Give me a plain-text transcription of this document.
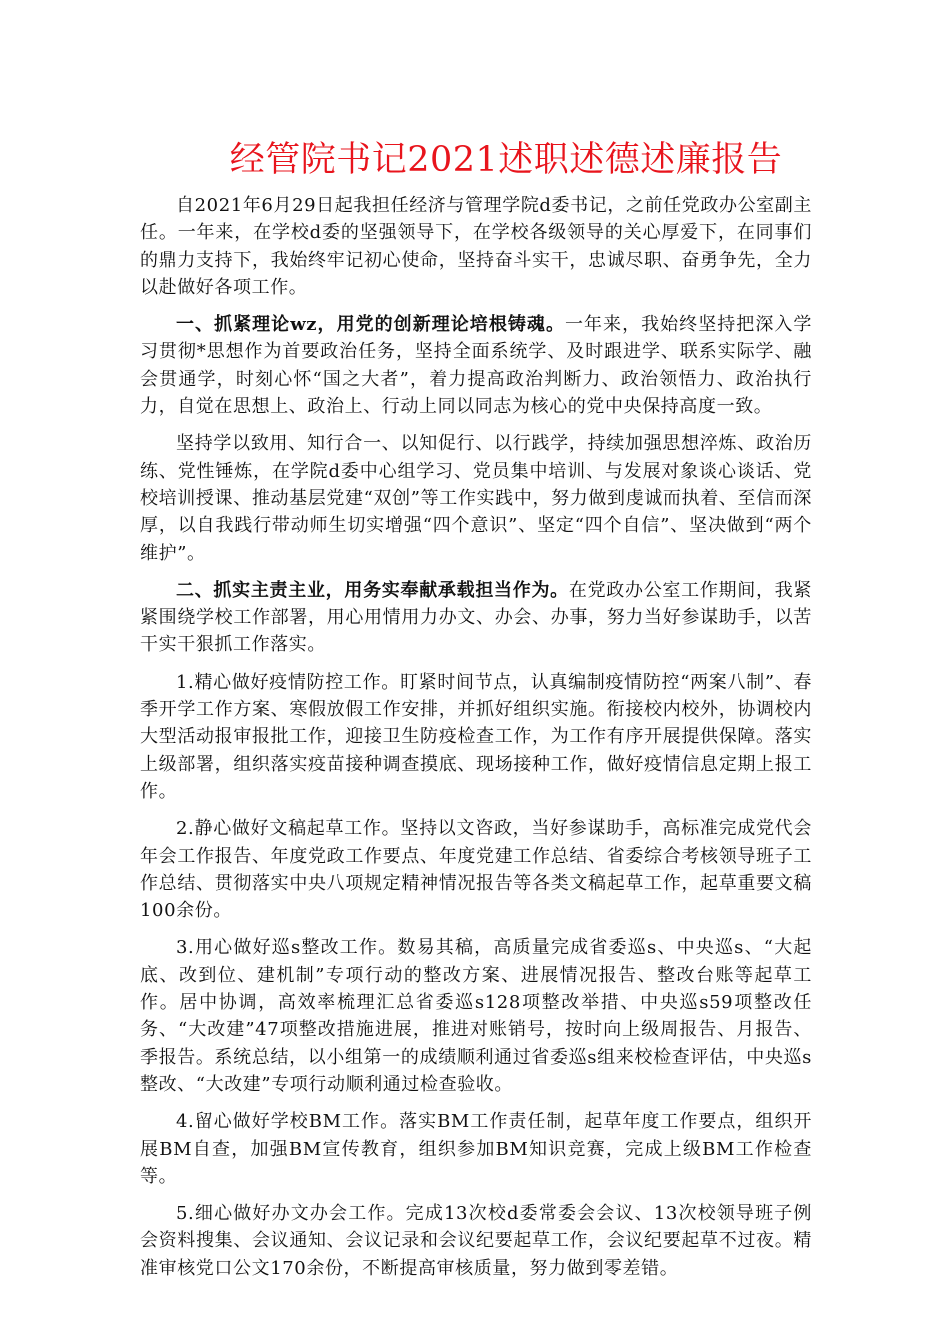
经管院书记2021述职述德述廉报告

自2021年6月29日起我担任经济与管理学院d委书记，之前任党政办公室副主任。一年来，在学校d委的坚强领导下，在学校各级领导的关心厚爱下，在同事们的鼎力支持下，我始终牢记初心使命，坚持奋斗实干，忠诚尽职、奋勇争先，全力以赴做好各项工作。

一、抓紧理论wz，用党的创新理论培根铸魂。一年来，我始终坚持把深入学习贯彻*思想作为首要政治任务，坚持全面系统学、及时跟进学、联系实际学、融会贯通学，时刻心怀“国之大者”，着力提高政治判断力、政治领悟力、政治执行力，自觉在思想上、政治上、行动上同以同志为核心的党中央保持高度一致。

坚持学以致用、知行合一、以知促行、以行践学，持续加强思想淬炼、政治历练、党性锤炼，在学院d委中心组学习、党员集中培训、与发展对象谈心谈话、党校培训授课、推动基层党建“双创”等工作实践中，努力做到虔诚而执着、至信而深厚，以自我践行带动师生切实增强“四个意识”、坚定“四个自信”、坚决做到“两个维护”。

二、抓实主责主业，用务实奉献承载担当作为。在党政办公室工作期间，我紧紧围绕学校工作部署，用心用情用力办文、办会、办事，努力当好参谋助手，以苦干实干狠抓工作落实。

1.精心做好疫情防控工作。盯紧时间节点，认真编制疫情防控“两案八制”、春季开学工作方案、寒假放假工作安排，并抓好组织实施。衔接校内校外，协调校内大型活动报审报批工作，迎接卫生防疫检查工作，为工作有序开展提供保障。落实上级部署，组织落实疫苗接种调查摸底、现场接种工作，做好疫情信息定期上报工作。

2.静心做好文稿起草工作。坚持以文咨政，当好参谋助手，高标准完成党代会年会工作报告、年度党政工作要点、年度党建工作总结、省委综合考核领导班子工作总结、贯彻落实中央八项规定精神情况报告等各类文稿起草工作，起草重要文稿100余份。

3.用心做好巡s整改工作。数易其稿，高质量完成省委巡s、中央巡s、“大起底、改到位、建机制”专项行动的整改方案、进展情况报告、整改台账等起草工作。居中协调，高效率梳理汇总省委巡s128项整改举措、中央巡s59项整改任务、“大改建”47项整改措施进展，推进对账销号，按时向上级周报告、月报告、季报告。系统总结，以小组第一的成绩顺利通过省委巡s组来校检查评估，中央巡s整改、“大改建”专项行动顺利通过检查验收。

4.留心做好学校BM工作。落实BM工作责任制，起草年度工作要点，组织开展BM自查，加强BM宣传教育，组织参加BM知识竞赛，完成上级BM工作检查等。

5.细心做好办文办会工作。完成13次校d委常委会会议、13次校领导班子例会资料搜集、会议通知、会议记录和会议纪要起草工作，会议纪要起草不过夜。精准审核党口公文170余份，不断提高审核质量，努力做到零差错。
